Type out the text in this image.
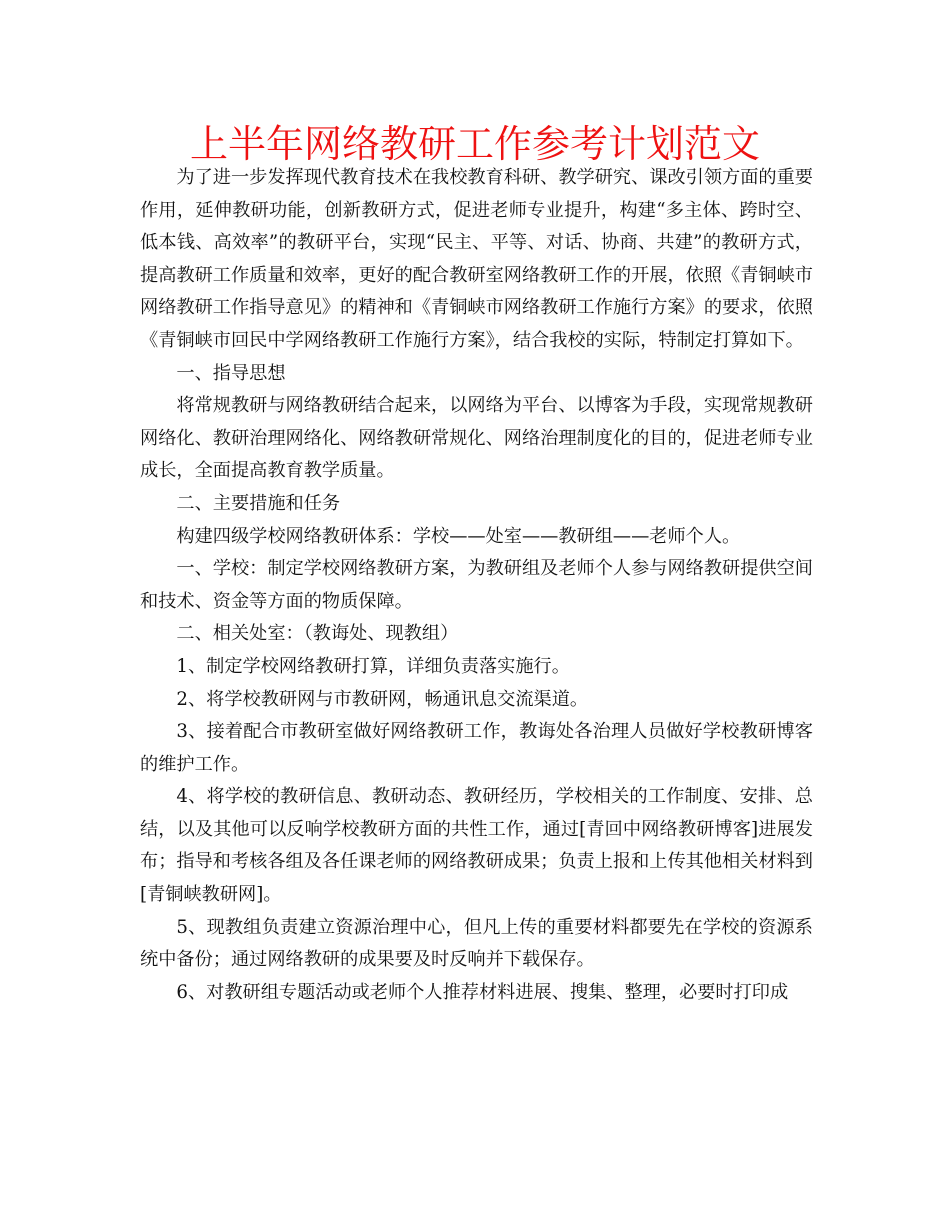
上半年网络教研工作参考计划范文

为了进一步发挥现代教育技术在我校教育科研、教学研究、课改引领方面的重要作用，延伸教研功能，创新教研方式，促进老师专业提升，构建“多主体、跨时空、低本钱、高效率”的教研平台，实现“民主、平等、对话、协商、共建”的教研方式，提高教研工作质量和效率，更好的配合教研室网络教研工作的开展，依照《青铜峡市网络教研工作指导意见》的精神和《青铜峡市网络教研工作施行方案》的要求，依照《青铜峡市回民中学网络教研工作施行方案》，结合我校的实际，特制定打算如下。

一、指导思想

将常规教研与网络教研结合起来，以网络为平台、以博客为手段，实现常规教研网络化、教研治理网络化、网络教研常规化、网络治理制度化的目的，促进老师专业成长，全面提高教育教学质量。

二、主要措施和任务

构建四级学校网络教研体系：学校——处室——教研组——老师个人。

一、学校：制定学校网络教研方案，为教研组及老师个人参与网络教研提供空间和技术、资金等方面的物质保障。

二、相关处室：（教诲处、现教组）

1、制定学校网络教研打算，详细负责落实施行。

2、将学校教研网与市教研网，畅通讯息交流渠道。

3、接着配合市教研室做好网络教研工作，教诲处各治理人员做好学校教研博客的维护工作。

4、将学校的教研信息、教研动态、教研经历，学校相关的工作制度、安排、总结，以及其他可以反响学校教研方面的共性工作，通过[青回中网络教研博客]进展发布；指导和考核各组及各任课老师的网络教研成果；负责上报和上传其他相关材料到[青铜峡教研网]。

5、现教组负责建立资源治理中心，但凡上传的重要材料都要先在学校的资源系统中备份；通过网络教研的成果要及时反响并下载保存。

6、对教研组专题活动或老师个人推荐材料进展、搜集、整理，必要时打印成
